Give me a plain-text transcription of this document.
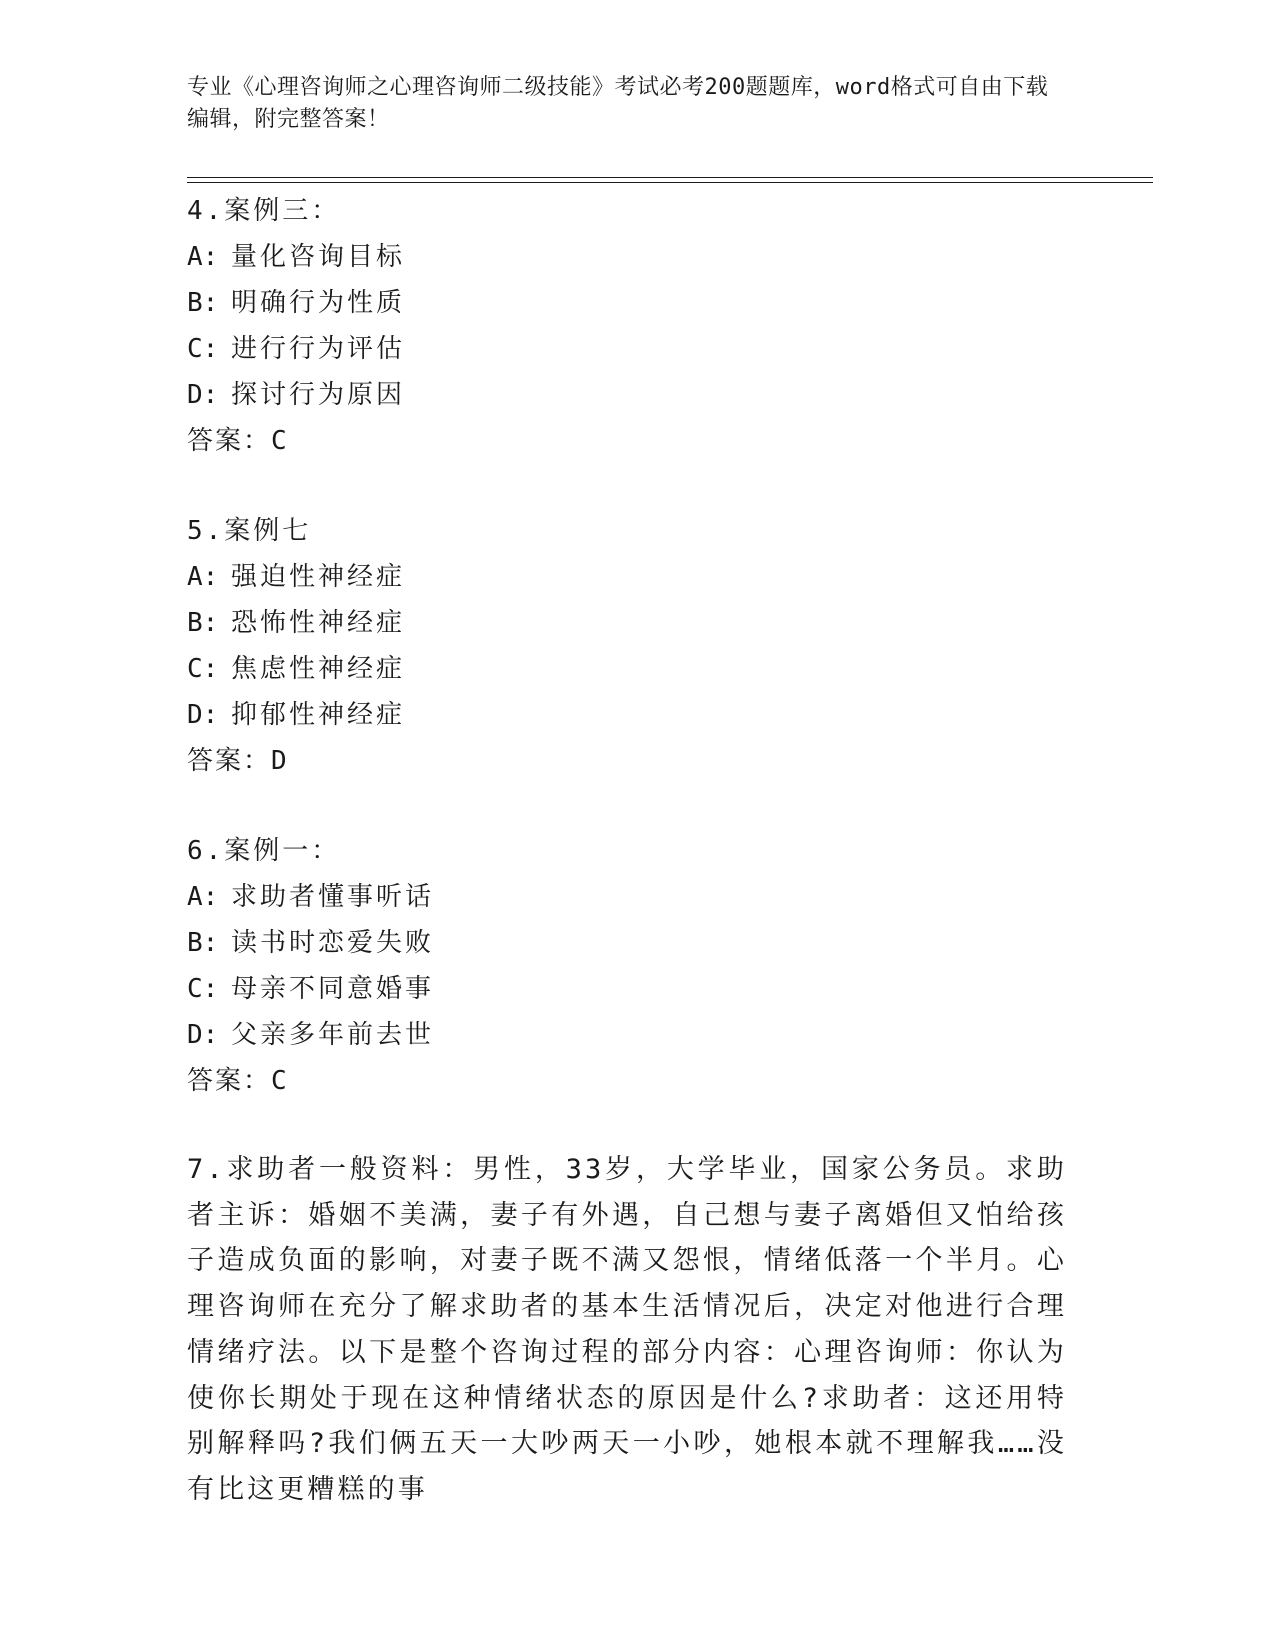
专业《心理咨询师之心理咨询师二级技能》考试必考200题题库，word格式可自由下载编辑，附完整答案！
4.案例三：
A: 量化咨询目标
B: 明确行为性质
C: 进行行为评估
D: 探讨行为原因
答案：C
5.案例七
A: 强迫性神经症
B: 恐怖性神经症
C: 焦虑性神经症
D: 抑郁性神经症
答案：D
6.案例一：
A: 求助者懂事听话
B: 读书时恋爱失败
C: 母亲不同意婚事
D: 父亲多年前去世
答案：C
7.求助者一般资料：男性，33岁，大学毕业，国家公务员。求助者主诉：婚姻不美满，妻子有外遇，自己想与妻子离婚但又怕给孩子造成负面的影响，对妻子既不满又怨恨，情绪低落一个半月。心理咨询师在充分了解求助者的基本生活情况后，决定对他进行合理情绪疗法。以下是整个咨询过程的部分内容：心理咨询师：你认为使你长期处于现在这种情绪状态的原因是什么?求助者：这还用特别解释吗?我们俩五天一大吵两天一小吵，她根本就不理解我……没有比这更糟糕的事
